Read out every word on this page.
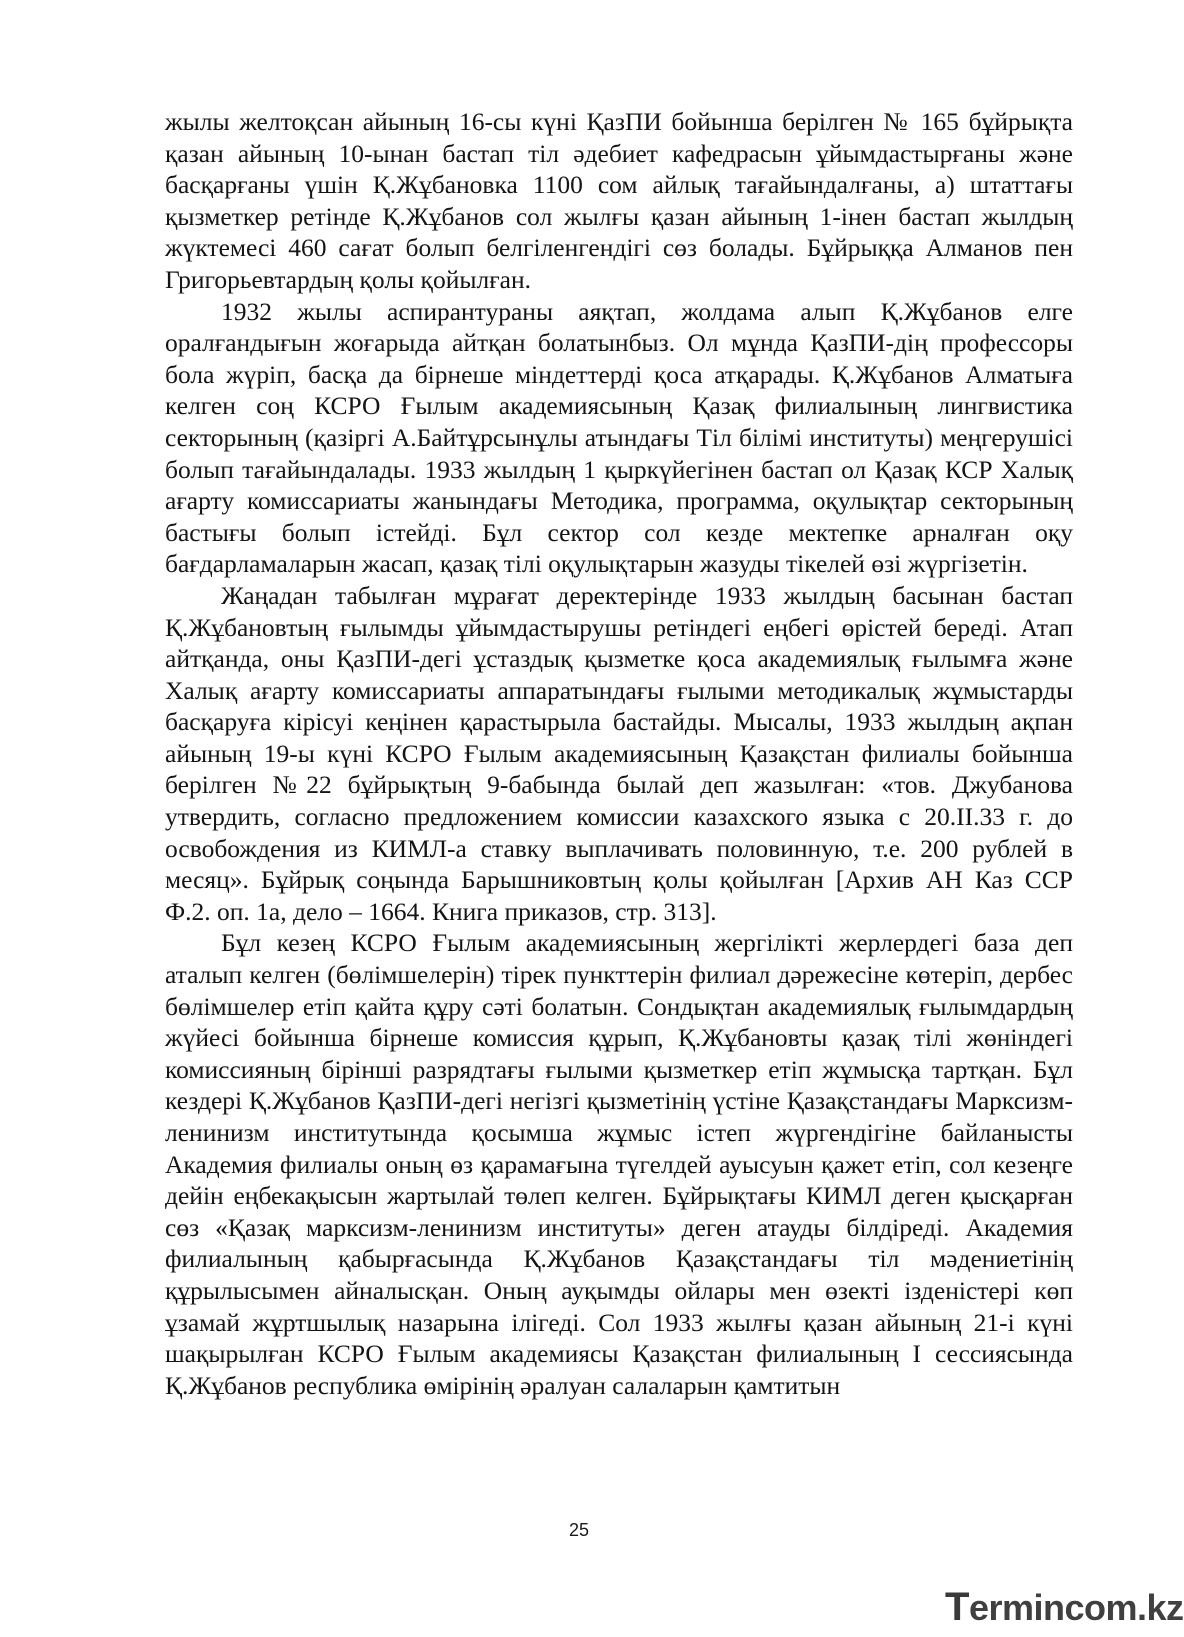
жылы желтоқсан айының 16-сы күні ҚазПИ бойынша берілген № 165 бұйрықта қазан айының 10-ынан бастап тіл әдебиет кафедрасын ұйымдастырғаны және басқарғаны үшін Қ.Жұбановка 1100 сом айлық тағайындалғаны, а) штаттағы қызметкер ретінде Қ.Жұбанов сол жылғы қазан айының 1-інен бастап жылдың жүктемесі 460 сағат болып белгіленгендігі сөз болады. Бұйрыққа Алманов пен Григорьевтардың қолы қойылған.

1932 жылы аспирантураны аяқтап, жолдама алып Қ.Жұбанов елге оралғандығын жоғарыда айтқан болатынбыз. Ол мұнда ҚазПИ-дің профессоры бола жүріп, басқа да бірнеше міндеттерді қоса атқарады. Қ.Жұбанов Алматыға келген соң КСРО Ғылым академиясының Қазақ филиалының лингвистика секторының (қазіргі А.Байтұрсынұлы атындағы Тіл білімі институты) меңгерушісі болып тағайындалады. 1933 жылдың 1 қыркүйегінен бастап ол Қазақ КСР Халық ағарту комиссариаты жанындағы Методика, программа, оқулықтар секторының бастығы болып істейді. Бұл сектор сол кезде мектепке арналған оқу бағдарламаларын жасап, қазақ тілі оқулықтарын жазуды тікелей өзі жүргізетін.

Жаңадан табылған мұрағат деректерінде 1933 жылдың басынан бастап Қ.Жұбановтың ғылымды ұйымдастырушы ретіндегі еңбегі өрістей береді. Атап айтқанда, оны ҚазПИ-дегі ұстаздық қызметке қоса академиялық ғылымға және Халық ағарту комиссариаты аппаратындағы ғылыми методикалық жұмыстарды басқаруға кірісуі кеңінен қарастырыла бастайды. Мысалы, 1933 жылдың ақпан айының 19-ы күні КСРО Ғылым академиясының Қазақстан филиалы бойынша берілген №22 бұйрықтың 9-бабында былай деп жазылған: «тов. Джубанова утвердить, согласно предложением комиссии казахского языка с 20.II.33 г. до освобождения из КИМЛ-а ставку выплачивать половинную, т.е. 200 рублей в месяц». Бұйрық соңында Барышниковтың қолы қойылған [Архив АН Каз ССР Ф.2. оп. 1а, дело – 1664. Книга приказов, стр. 313].

Бұл кезең КСРО Ғылым академиясының жергілікті жерлердегі база деп аталып келген (бөлімшелерін) тірек пункттерін филиал дәрежесіне көтеріп, дербес бөлімшелер етіп қайта құру сәті болатын. Сондықтан академиялық ғылымдардың жүйесі бойынша бірнеше комиссия құрып, Қ.Жұбановты қазақ тілі жөніндегі комиссияның бірінші разрядтағы ғылыми қызметкер етіп жұмысқа тартқан. Бұл кездері Қ.Жұбанов ҚазПИ-дегі негізгі қызметінің үстіне Қазақстандағы Марксизм-ленинизм институтында қосымша жұмыс істеп жүргендігіне байланысты Академия филиалы оның өз қарамағына түгелдей ауысуын қажет етіп, сол кезеңге дейін еңбекақысын жартылай төлеп келген. Бұйрықтағы КИМЛ деген қысқарған сөз «Қазақ марксизм-ленинизм институты» деген атауды білдіреді. Академия филиалының қабырғасында Қ.Жұбанов Қазақстандағы тіл мәдениетінің құрылысымен айналысқан. Оның ауқымды ойлары мен өзекті ізденістері көп ұзамай жұртшылық назарына ілігеді. Сол 1933 жылғы қазан айының 21-і күні шақырылған КСРО Ғылым академиясы Қазақстан филиалының I сессиясында Қ.Жұбанов республика өмірінің әралуан салаларын қамтитын

25
Termincom.kz
